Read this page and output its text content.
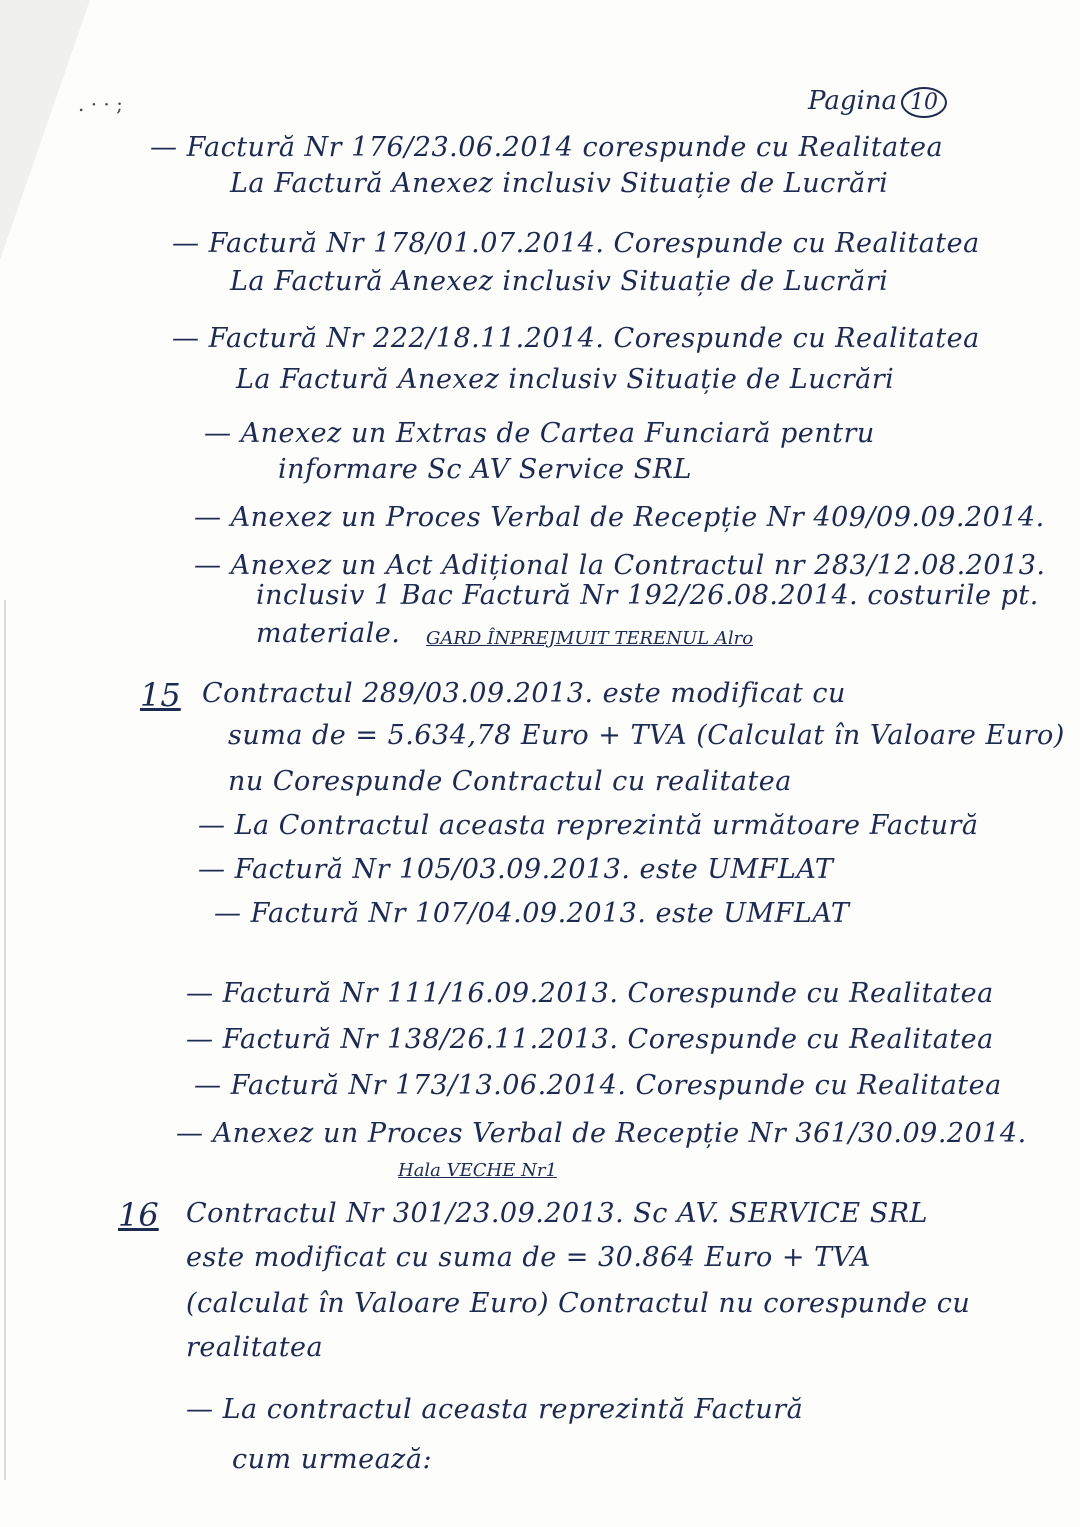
. · · ;	Pagina 10
— Factură Nr 176/23.06.2014 corespunde cu Realitatea
La Factură Anexez inclusiv Situație de Lucrări
— Factură Nr 178/01.07.2014. Corespunde cu Realitatea
La Factură Anexez inclusiv Situație de Lucrări
— Factură Nr 222/18.11.2014. Corespunde cu Realitatea
La Factură Anexez inclusiv Situație de Lucrări
— Anexez un Extras de Cartea Funciară pentru
informare Sc AV Service SRL
— Anexez un Proces Verbal de Recepție Nr 409/09.09.2014.
— Anexez un Act Adițional la Contractul nr 283/12.08.2013.
inclusiv 1 Bac Factură Nr 192/26.08.2014. costurile pt.
materiale. GARD ÎNPREJMUIT TERENUL Alro
15 Contractul 289/03.09.2013. este modificat cu
suma de = 5.634,78 Euro + TVA (Calculat în Valoare Euro)
nu Corespunde Contractul cu realitatea
— La Contractul aceasta reprezintă următoare Factură
— Factură Nr 105/03.09.2013. este UMFLAT
— Factură Nr 107/04.09.2013. este UMFLAT
— Factură Nr 111/16.09.2013. Corespunde cu Realitatea
— Factură Nr 138/26.11.2013. Corespunde cu Realitatea
— Factură Nr 173/13.06.2014. Corespunde cu Realitatea
— Anexez un Proces Verbal de Recepție Nr 361/30.09.2014.
Hala VECHE Nr1
16 Contractul Nr 301/23.09.2013. Sc AV. SERVICE SRL
este modificat cu suma de = 30.864 Euro + TVA
(calculat în Valoare Euro) Contractul nu corespunde cu
realitatea
— La contractul aceasta reprezintă Factură
cum urmează:
